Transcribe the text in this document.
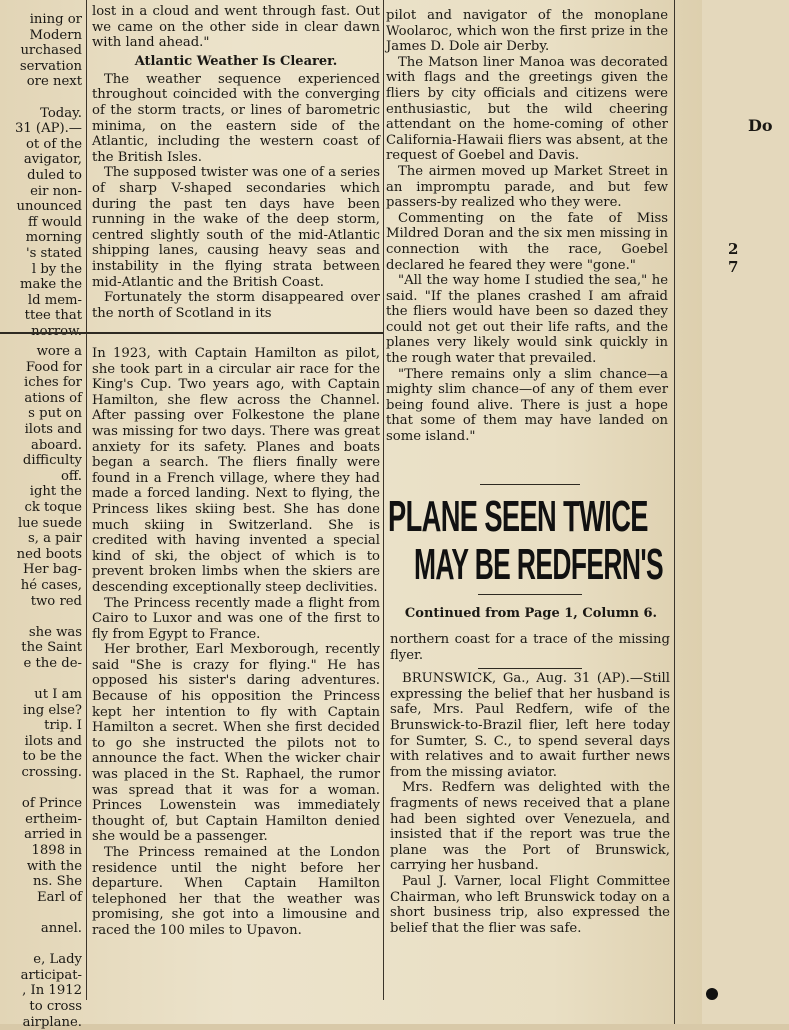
ining or
Modern
urchased
servation
ore next

Today.
31 (AP).—
ot of the
avigator,
duled to
eir non-
unounced
ff would
morning
's stated
l by the
make the
ld mem-
ttee that
wore a
Food for
iches for
ations of
s put on
ilots and
aboard.
difficulty
off.
ight the
ck toque
lue suede
s, a pair
ned boots
Her bag-
hé cases,
two red

she was
the Saint
e the de-

ut I am
ing else?
trip. I
ilots and
to be the
crossing.

of Prince
ertheim-
arried in
1898 in
with the
ns. She
Earl of

annel.

e, Lady
articipat-
, In 1912
to cross
airplane.

lost in a cloud and went through fast. Out we came on the other side in clear dawn with land ahead."

Atlantic Weather Is Clearer.

The weather sequence experienced throughout coincided with the converging of the storm tracts, or lines of barometric minima, on the eastern side of the Atlantic, including the western coast of the British Isles.

The supposed twister was one of a series of sharp V-shaped secondaries which during the past ten days have been running in the wake of the deep storm, centred slightly south of the mid-Atlantic shipping lanes, causing heavy seas and instability in the flying strata between mid-Atlantic and the British Coast.

Fortunately the storm disappeared over the north of Scotland in its

In 1923, with Captain Hamilton as pilot, she took part in a circular air race for the King's Cup. Two years ago, with Captain Hamilton, she flew across the Channel. After passing over Folkestone the plane was missing for two days. There was great anxiety for its safety. Planes and boats began a search. The fliers finally were found in a French village, where they had made a forced landing. Next to flying, the Princess likes skiing best. She has done much skiing in Switzerland. She is credited with having invented a special kind of ski, the object of which is to prevent broken limbs when the skiers are descending exceptionally steep declivities.

The Princess recently made a flight from Cairo to Luxor and was one of the first to fly from Egypt to France.

Her brother, Earl Mexborough, recently said "She is crazy for flying." He has opposed his sister's daring adventures. Because of his opposition the Princess kept her intention to fly with Captain Hamilton a secret. When she first decided to go she instructed the pilots not to announce the fact. When the wicker chair was placed in the St. Raphael, the rumor was spread that it was for a woman. Princes Lowenstein was immediately thought of, but Captain Hamilton denied she would be a passenger.

The Princess remained at the London residence until the night before her departure. When Captain Hamilton telephoned her that the weather was promising, she got into a limousine and raced the 100 miles to Upavon.

pilot and navigator of the monoplane Woolaroc, which won the first prize in the James D. Dole air Derby.

The Matson liner Manoa was decorated with flags and the greetings given the fliers by city officials and citizens were enthusiastic, but the wild cheering attendant on the home-coming of other California-Hawaii fliers was absent, at the request of Goebel and Davis.

The airmen moved up Market Street in an impromptu parade, and but few passers-by realized who they were.

Commenting on the fate of Miss Mildred Doran and the six men missing in connection with the race, Goebel declared he feared they were "gone."

"All the way home I studied the sea," he said. "If the planes crashed I am afraid the fliers would have been so dazed they could not get out their life rafts, and the planes very likely would sink quickly in the rough water that prevailed.

"There remains only a slim chance—a mighty slim chance—of any of them ever being found alive. There is just a hope that some of them may have landed on some island."

PLANE SEEN TWICE
MAY BE REDFERN'S
Continued from Page 1, Column 6.

northern coast for a trace of the missing flyer.

BRUNSWICK, Ga., Aug. 31 (AP).—Still expressing the belief that her husband is safe, Mrs. Paul Redfern, wife of the Brunswick-to-Brazil flier, left here today for Sumter, S. C., to spend several days with relatives and to await further news from the missing aviator.

Mrs. Redfern was delighted with the fragments of news received that a plane had been sighted over Venezuela, and insisted that if the report was true the plane was the Port of Brunswick, carrying her husband.

Paul J. Varner, local Flight Committee Chairman, who left Brunswick today on a short business trip, also expressed the belief that the flier was safe.

Do
2 7
